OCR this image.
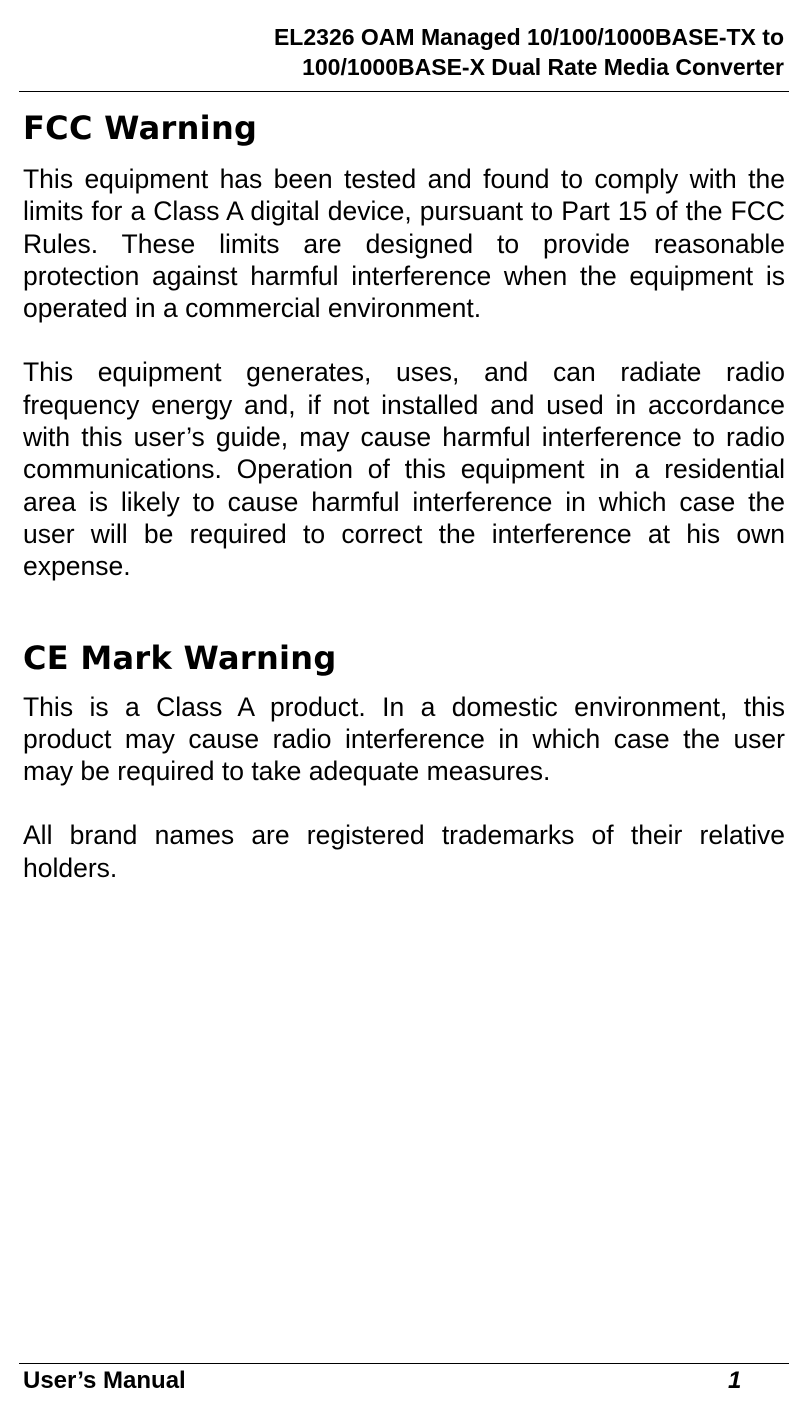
EL2326 OAM Managed 10/100/1000BASE-TX to
100/1000BASE-X Dual Rate Media Converter
FCC Warning

This equipment has been tested and found to comply with the limits for a Class A digital device, pursuant to Part 15 of the FCC Rules. These limits are designed to provide reasonable protection against harmful interference when the equipment is operated in a commercial environment.

This equipment generates, uses, and can radiate radio frequency energy and, if not installed and used in accordance with this user’s guide, may cause harmful interference to radio communications. Operation of this equipment in a residential area is likely to cause harmful interference in which case the user will be required to correct the interference at his own expense.

CE Mark Warning

This is a Class A product. In a domestic environment, this product may cause radio interference in which case the user may be required to take adequate measures.

All brand names are registered trademarks of their relative holders.

User’s Manual	1
